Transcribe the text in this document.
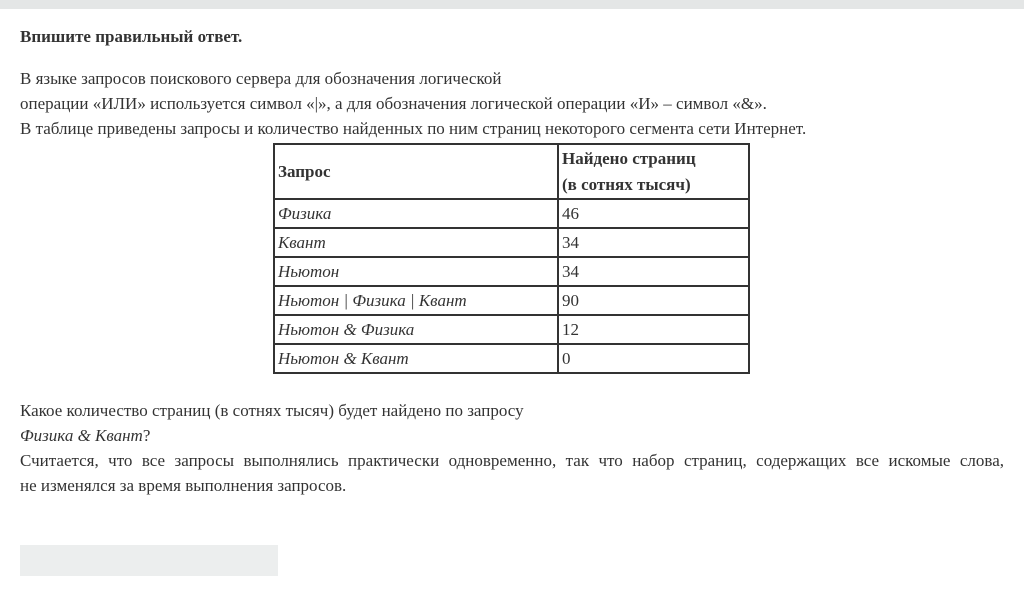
Впишите правильный ответ.

В языке запросов поискового сервера для обозначения логической
операции «ИЛИ» используется символ «|», а для обозначения логической операции «И» – символ «&».
В таблице приведены запросы и количество найденных по ним страниц некоторого сегмента сети Интернет.

Запрос	Найдено страниц
(в сотнях тысяч)

Физика	46
Квант	34
Ньютон	34
Ньютон | Физика | Квант	90
Ньютон & Физика	12
Ньютон & Квант	0

Какое количество страниц (в сотнях тысяч) будет найдено по запросу
Физика & Квант?
Считается, что все запросы выполнялись практически одновременно, так что набор страниц, содержащих все искомые слова,
не изменялся за время выполнения запросов.
